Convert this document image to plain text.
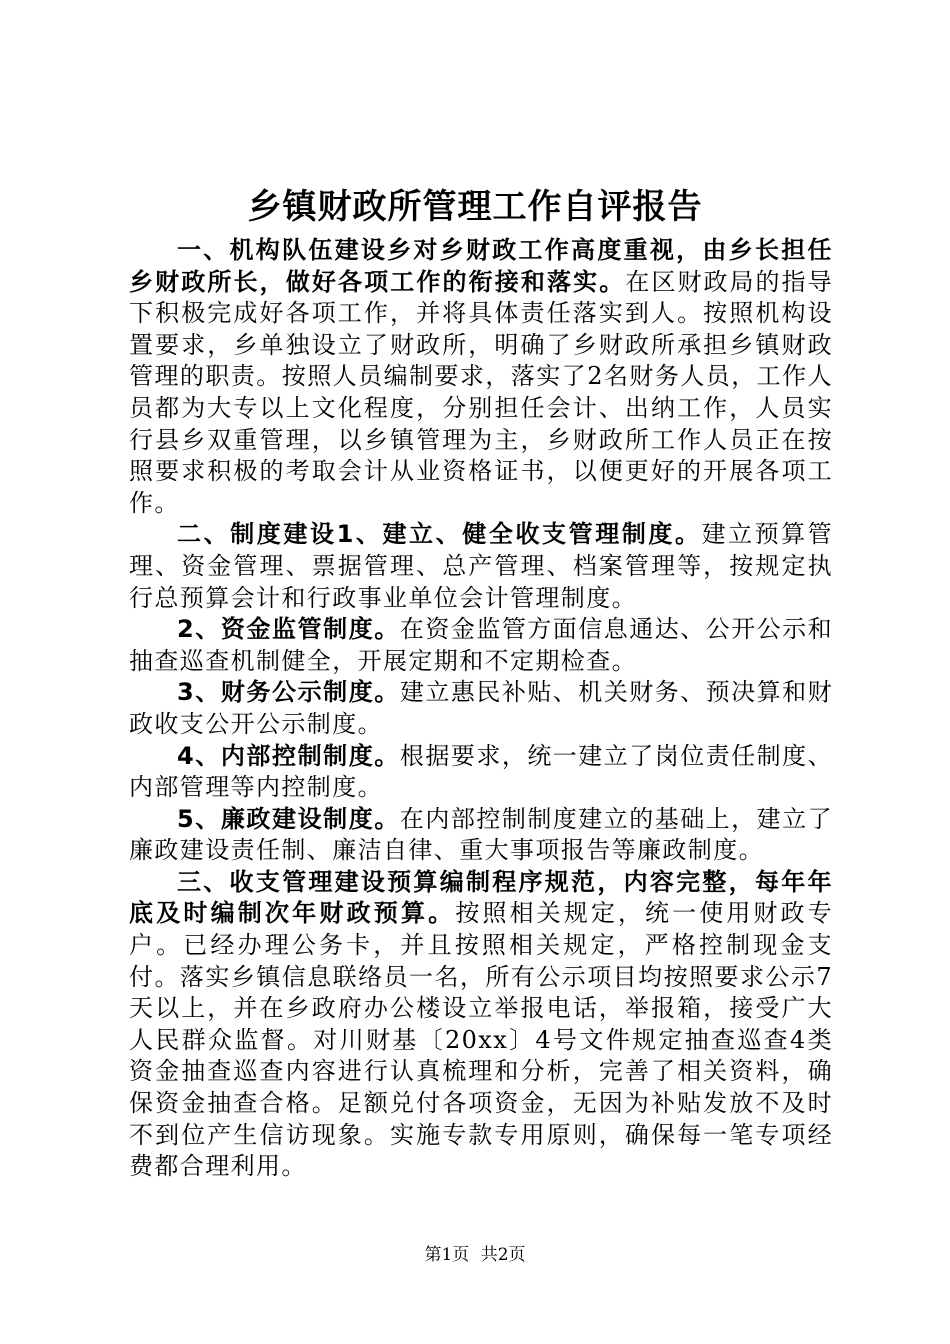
乡镇财政所管理工作自评报告

一、机构队伍建设乡对乡财政工作高度重视，由乡长担任乡财政所长，做好各项工作的衔接和落实。在区财政局的指导下积极完成好各项工作，并将具体责任落实到人。按照机构设置要求，乡单独设立了财政所，明确了乡财政所承担乡镇财政管理的职责。按照人员编制要求，落实了2名财务人员，工作人员都为大专以上文化程度，分别担任会计、出纳工作，人员实行县乡双重管理，以乡镇管理为主，乡财政所工作人员正在按照要求积极的考取会计从业资格证书，以便更好的开展各项工作。

二、制度建设1、建立、健全收支管理制度。建立预算管理、资金管理、票据管理、总产管理、档案管理等，按规定执行总预算会计和行政事业单位会计管理制度。

2、资金监管制度。在资金监管方面信息通达、公开公示和抽查巡查机制健全，开展定期和不定期检查。

3、财务公示制度。建立惠民补贴、机关财务、预决算和财政收支公开公示制度。

4、内部控制制度。根据要求，统一建立了岗位责任制度、内部管理等内控制度。

5、廉政建设制度。在内部控制制度建立的基础上，建立了廉政建设责任制、廉洁自律、重大事项报告等廉政制度。

三、收支管理建设预算编制程序规范，内容完整，每年年底及时编制次年财政预算。按照相关规定，统一使用财政专户。已经办理公务卡，并且按照相关规定，严格控制现金支付。落实乡镇信息联络员一名，所有公示项目均按照要求公示7天以上，并在乡政府办公楼设立举报电话，举报箱，接受广大人民群众监督。对川财基〔20xx〕4号文件规定抽查巡查4类资金抽查巡查内容进行认真梳理和分析，完善了相关资料，确保资金抽查合格。足额兑付各项资金，无因为补贴发放不及时不到位产生信访现象。实施专款专用原则，确保每一笔专项经费都合理利用。

第1页 共2页
